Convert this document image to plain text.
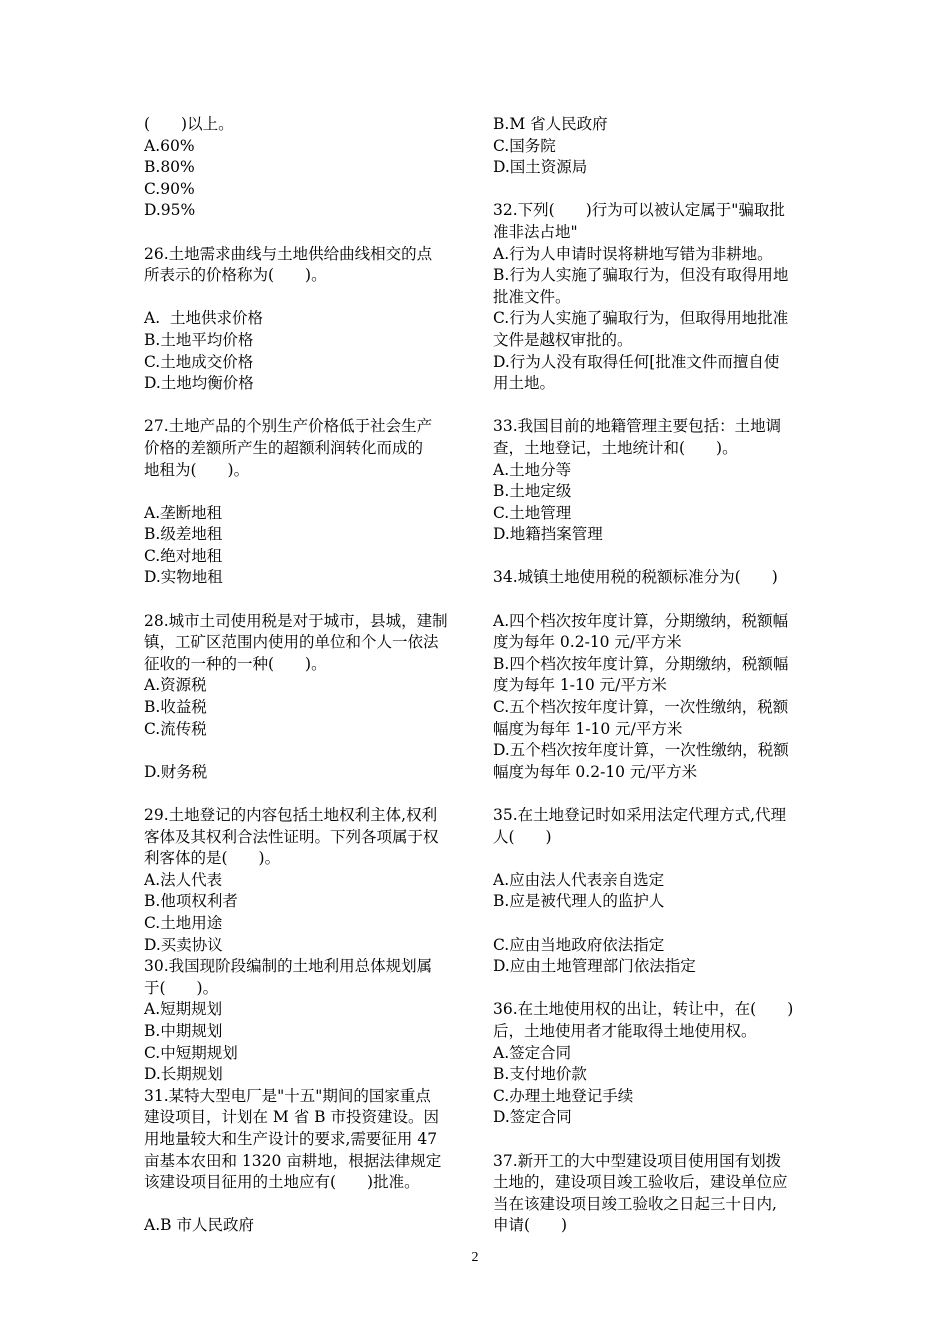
(　　)以上。
A.60%
B.80%
C.90%
D.95%
26.土地需求曲线与土地供给曲线相交的点
所表示的价格称为(　　)。
A.  土地供求价格
B.土地平均价格
C.土地成交价格
D.土地均衡价格
27.土地产品的个别生产价格低于社会生产
价格的差额所产生的超额利润转化而成的
地租为(　　)。
A.垄断地租
B.级差地租
C.绝对地租
D.实物地租
28.城市土司使用税是对于城市，县城，建制
镇，工矿区范围内使用的单位和个人一依法
征收的一种的一种(　　)。
A.资源税
B.收益税
C.流传税
D.财务税
29.土地登记的内容包括土地权利主体,权利
客体及其权利合法性证明。下列各项属于权
利客体的是(　　)。
A.法人代表
B.他项权利者
C.土地用途
D.买卖协议
30.我国现阶段编制的土地利用总体规划属
于(　　)。
A.短期规划
B.中期规划
C.中短期规划
D.长期规划
31.某特大型电厂是"十五"期间的国家重点
建设项目，计划在 M 省 B 市投资建设。因
用地量较大和生产设计的要求,需要征用 47
亩基本农田和 1320 亩耕地，根据法律规定
该建设项目征用的土地应有(　　)批准。
A.B 市人民政府
B.M 省人民政府
C.国务院
D.国土资源局
32.下列(　　)行为可以被认定属于"骗取批
准非法占地"
A.行为人申请时误将耕地写错为非耕地。
B.行为人实施了骗取行为，但没有取得用地
批准文件。
C.行为人实施了骗取行为，但取得用地批准
文件是越权审批的。
D.行为人没有取得任何[批准文件而擅自使
用土地。
33.我国目前的地籍管理主要包括：土地调
查，土地登记，土地统计和(　　)。
A.土地分等
B.土地定级
C.土地管理
D.地籍挡案管理
34.城镇土地使用税的税额标准分为(　　)
A.四个档次按年度计算，分期缴纳，税额幅
度为每年 0.2-10 元/平方米
B.四个档次按年度计算，分期缴纳，税额幅
度为每年 1-10 元/平方米
C.五个档次按年度计算，一次性缴纳，税额
幅度为每年 1-10 元/平方米
D.五个档次按年度计算，一次性缴纳，税额
幅度为每年 0.2-10 元/平方米
35.在土地登记时如采用法定代理方式,代理
人(　　)
A.应由法人代表亲自选定
B.应是被代理人的监护人
C.应由当地政府依法指定
D.应由土地管理部门依法指定
36.在土地使用权的出让，转让中，在(　　)
后，土地使用者才能取得土地使用权。
A.签定合同
B.支付地价款
C.办理土地登记手续
D.签定合同
37.新开工的大中型建设项目使用国有划拨
土地的，建设项目竣工验收后，建设单位应
当在该建设项目竣工验收之日起三十日内,
申请(　　)
2
